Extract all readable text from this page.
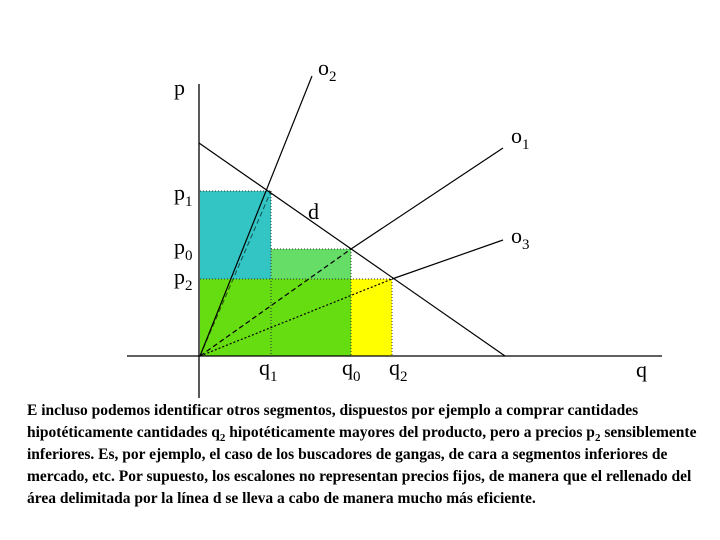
p
q
d
$o_2$
$o_1$
$o_3$
$p_1$
$p_0$
$p_2$
$q_1$	$q_0$ $q_2$
E incluso podemos identificar otros segmentos, dispuestos por ejemplo a comprar cantidades hipotéticamente cantidades $q_2$ hipotéticamente mayores del producto, pero a precios $p_2$ sensiblemente inferiores. Es, por ejemplo, el caso de los buscadores de gangas, de cara a segmentos inferiores de mercado, etc. Por supuesto, los escalones no representan precios fijos, de manera que el rellenado del área delimitada por la línea d se lleva a cabo de manera mucho más eficiente.
